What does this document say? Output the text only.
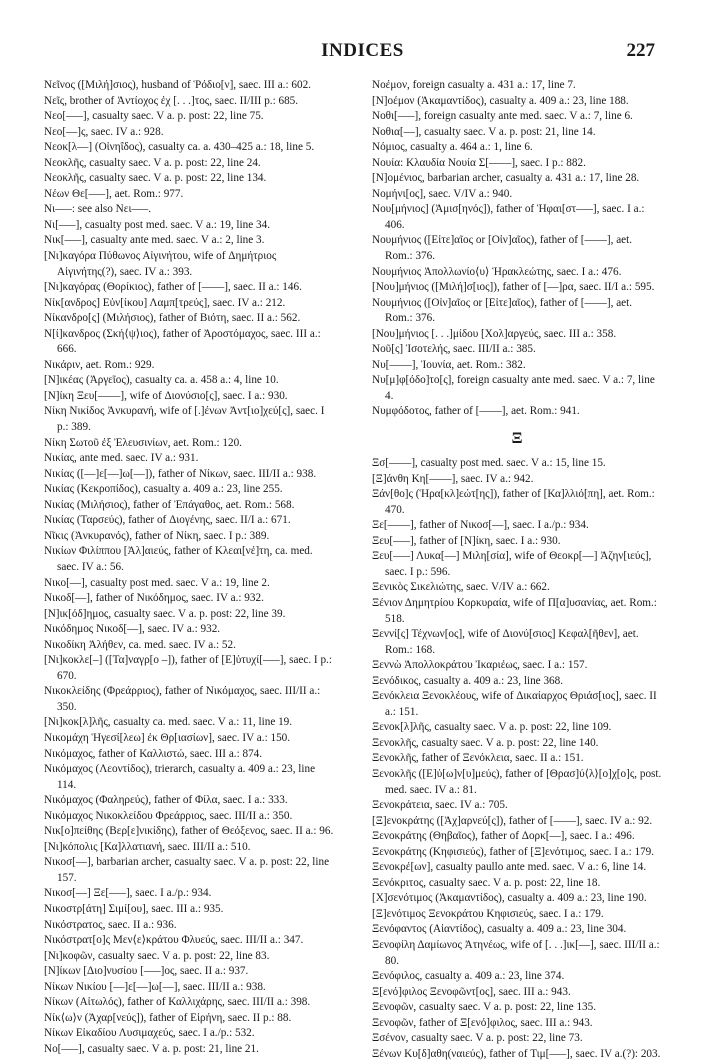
INDICES	227

Νεῖνος ([Μιλή]σιος), husband of Ῥόδιο[ν], saec. III a.: 602.

Νεῖς, brother of Ἀντίοχος ἐχ [. . .]τος, saec. II/III p.: 685.

Νεο[–––], casualty saec. V a. p. post: 22, line 75.

Νεο[––]ς, saec. IV a.: 928.

Νεοκ[λ––] (Οἰνηΐδος), casualty ca. a. 430–425 a.: 18, line 5.

Νεοκλῆς, casualty saec. V a. p. post: 22, line 24.

Νεοκλῆς, casualty saec. V a. p. post: 22, line 134.

Νέων Θε[–––], aet. Rom.: 977.

Νι–––: see also Νει–––.

Νι[–––], casualty post med. saec. V a.: 19, line 34.

Νικ[–––], casualty ante med. saec. V a.: 2, line 3.

[Νι]καγόρα Πύθωνος Αἰγινήτου, wife of Δημήτριος Αἰγινήτης(?), saec. IV a.: 393.

[Νι]καγόρας (Θορίκιος), father of [––––], saec. II a.: 146.

Νίκ[ανδρος] Εὐν[ίκου] Λαμπ[τρεύς], saec. IV a.: 212.

Νίκανδρο[ς] (Μιλήσιος), father of Βιότη, saec. II a.: 562.

N[ί]κανδρος (Σκή⟨ψ⟩ιος), father of Ἀροστόμαχος, saec. III a.: 666.

Νικάριν, aet. Rom.: 929.

[N]ικέας (Ἀργεῖος), casualty ca. a. 458 a.: 4, line 10.

[N]ίκη Ξευ[––––], wife of Διονύσιο[ς], saec. I a.: 930.

Νίκη Νικίδος Ἀνκυρανή, wife of [.]ένων Ἀντ[ιο]χεύ[ς], saec. I p.: 389.

Νίκη Σωτοῦ ἐξ Ἐλευσινίων, aet. Rom.: 120.

Νικίας, ante med. saec. IV a.: 931.

Νικίας ([––]ε[––]ω[––]), father of Νίκων, saec. III/II a.: 938.

Νικίας (Κεκροπίδος), casualty a. 409 a.: 23, line 255.

Νικίας (Μιλήσιος), father of Ἐπάγαθος, aet. Rom.: 568.

Νικίας (Ταρσεύς), father of Διογένης, saec. II/I a.: 671.

Νῖκις (Ἀνκυρανός), father of Νίκη, saec. I p.: 389.

Νικίων Φιλίππου [Ἀλ]αιεύς, father of Κλεαι[νέ]τη, ca. med. saec. IV a.: 56.

Νικο[––], casualty post med. saec. V a.: 19, line 2.

Νικοδ[––], father of Νικόδημος, saec. IV a.: 932.

[N]ικ[όδ]ημος, casualty saec. V a. p. post: 22, line 39.

Νικόδημος Νικοδ[––], saec. IV a.: 932.

Νικοδίκη Ἀλήθεν, ca. med. saec. IV a.: 52.

[Νι]κοκλε[–] ([Τα]ναγρ[ο –]), father of [E]ὐτυχί[–––], saec. I p.: 670.

Νικοκλείδης (Φρεάρριος), father of Νικόμαχος, saec. III/II a.: 350.

[Νι]κοκ[λ]λῆς, casualty ca. med. saec. V a.: 11, line 19.

Νικομάχη Ἡγεσί[λεω] ἐκ Θρ[ιασίων], saec. IV a.: 150.

Νικόμαχος, father of Καλλιστώ, saec. III a.: 874.

Νικόμαχος (Λεοντίδος), trierarch, casualty a. 409 a.: 23, line 114.

Νικόμαχος (Φαληρεύς), father of Φίλα, saec. I a.: 333.

Νικόμαχος Νικοκλείδου Φρεάρριος, saec. III/II a.: 350.

Νικ[ο]πείθης (Βερ[ε]νικίδης), father of Θεόξενος, saec. II a.: 96.

[Νι]κόπολις [Κα]λλατιανή, saec. III/II a.: 510.

Νικοσ[––], barbarian archer, casualty saec. V a. p. post: 22, line 157.

Νικοσ[––] Ξε[–––], saec. I a./p.: 934.

Νικοστρ[άτη] Σιμί[ου], saec. III a.: 935.

Νικόστρατος, saec. II a.: 936.

Νικόστρατ[ο]ς Μεν⟨ε⟩κράτου Φλυεύς, saec. III/II a.: 347.

[Νι]κοφῶν, casualty saec. V a. p. post: 22, line 83.

[N]ίκων [Διο]νυσίου [–––]ος, saec. II a.: 937.

Νίκων Νικίου [––]ε[––]ω[––], saec. III/II a.: 938.

Νίκων (Αἰτωλός), father of Καλλιχάρης, saec. III/II a.: 398.

Νίκ⟨ω⟩ν (Ἀχαρ[νεύς]), father of Εἰρήνη, saec. II p.: 88.

Νίκων Εἰκαδίου Λυσιμαχεύς, saec. I a./p.: 532.

Νο[–––], casualty saec. V a. p. post: 21, line 21.

Νοέμον, foreign casualty a. 431 a.: 17, line 7.

[N]οέμον (Ἀκαμαντίδος), casualty a. 409 a.: 23, line 188.

Νοθι[–––], foreign casualty ante med. saec. V a.: 7, line 6.

Νοθια[––], casualty saec. V a. p. post: 21, line 14.

Νόμιος, casualty a. 464 a.: 1, line 6.

Νουία: Κλαυδία Νουία Σ[––––], saec. I p.: 882.

[N]ομένιος, barbarian archer, casualty a. 431 a.: 17, line 28.

Νομήνι[ος], saec. V/IV a.: 940.

Νου[μήνιος] (Ἀμισ[ηνός]), father of Ἡφαι[στ–––], saec. I a.: 406.

Νουμήνιος ([Εἰτε]αῖος or [Οἰν]αῖος), father of [––––], aet. Rom.: 376.

Νουμήνιος Ἀπολλωνίο⟨υ⟩ Ἡρακλεώτης, saec. I a.: 476.

[Νου]μήνιος ([Μιλή]σ[ιος]), father of [––]ρα, saec. II/I a.: 595.

Νουμήνιος ([Οἰν]αῖος or [Εἰτε]αῖος), father of [––––], aet. Rom.: 376.

[Νου]μήνιος [. . .]μίδου [Χολ]αργεύς, saec. III a.: 358.

Νοῦ[ς] Ἰσοτελής, saec. III/II a.: 385.

Νυ[––––], Ἰουνία, aet. Rom.: 382.

Νυ[μ]φ[όδο]το[ς], foreign casualty ante med. saec. V a.: 7, line 4.

Νυμφόδοτος, father of [––––], aet. Rom.: 941.

Ξ

Ξσ[––––], casualty post med. saec. V a.: 15, line 15.

[Ξ]άνθη Κη[––––], saec. IV a.: 942.

Ξάν[θο]ς (Ἡρα[κλ]εώτ[ης]), father of [Κα]λλιό[πη], aet. Rom.: 470.

Ξε[––––], father of Νικοσ[––], saec. I a./p.: 934.

Ξευ[–––], father of [N]ίκη, saec. I a.: 930.

Ξευ[–––] Λυκα[––] Μιλη[σία], wife of Θεοκρ[––] Ἀζην[ιεύς], saec. I p.: 596.

Ξενικὸς Σικελιώτης, saec. V/IV a.: 662.

Ξένιον Δημητρίου Κορκυραία, wife of Π[α]υσανίας, aet. Rom.: 518.

Ξεννί[ς] Τέχνων[ος], wife of Διονύ[σιος] Κεφαλ[ῆθεν], aet. Rom.: 168.

Ξεννὼ Ἀπολλοκράτου Ἰκαριέως, saec. I a.: 157.

Ξενόδικος, casualty a. 409 a.: 23, line 368.

Ξενόκλεια Ξενοκλέους, wife of Δικαίαρχος Θριάσ[ιος], saec. II a.: 151.

Ξενοκ[λ]λῆς, casualty saec. V a. p. post: 22, line 109.

Ξενοκλῆς, casualty saec. V a. p. post: 22, line 140.

Ξενοκλῆς, father of Ξενόκλεια, saec. II a.: 151.

Ξενοκλῆς ([Ε]ὐ[ω]ν[υ]μεύς), father of [Θρασ]ύ⟨λ⟩[ο]χ[ο]ς, post. med. saec. IV a.: 81.

Ξενοκράτεια, saec. IV a.: 705.

[Ξ]ενοκράτης ([Ἀχ]αρνεύ[ς]), father of [––––], saec. IV a.: 92.

Ξενοκράτης (Θηβαῖος), father of Δορκ[––], saec. I a.: 496.

Ξενοκράτης (Κηφισιεύς), father of [Ξ]ενότιμος, saec. I a.: 179.

Ξενοκρέ[ων], casualty paullo ante med. saec. V a.: 6, line 14.

Ξενόκριτος, casualty saec. V a. p. post: 22, line 18.

[Χ]σενότιμος (Ἀκαμαντίδος), casualty a. 409 a.: 23, line 190.

[Ξ]ενότιμος Ξενοκράτου Κηφισιεύς, saec. I a.: 179.

Ξενόφαντος (Αἰαντίδος), casualty a. 409 a.: 23, line 304.

Ξενοφίλη Δαμίωνος Ἀτηνέως, wife of [. . .]ικ[––], saec. III/II a.: 80.

Ξενόφιλος, casualty a. 409 a.: 23, line 374.

Ξ[ενό]φιλος Ξενοφῶντ[ος], saec. III a.: 943.

Ξενοφῶν, casualty saec. V a. p. post: 22, line 135.

Ξενοφῶν, father of Ξ[ενό]φιλος, saec. III a.: 943.

Ξσένον, casualty saec. V a. p. post: 22, line 73.

Ξένων Κυ[δ]αθη(ναιεύς), father of Τιμ[–––], saec. IV a.(?): 203.
